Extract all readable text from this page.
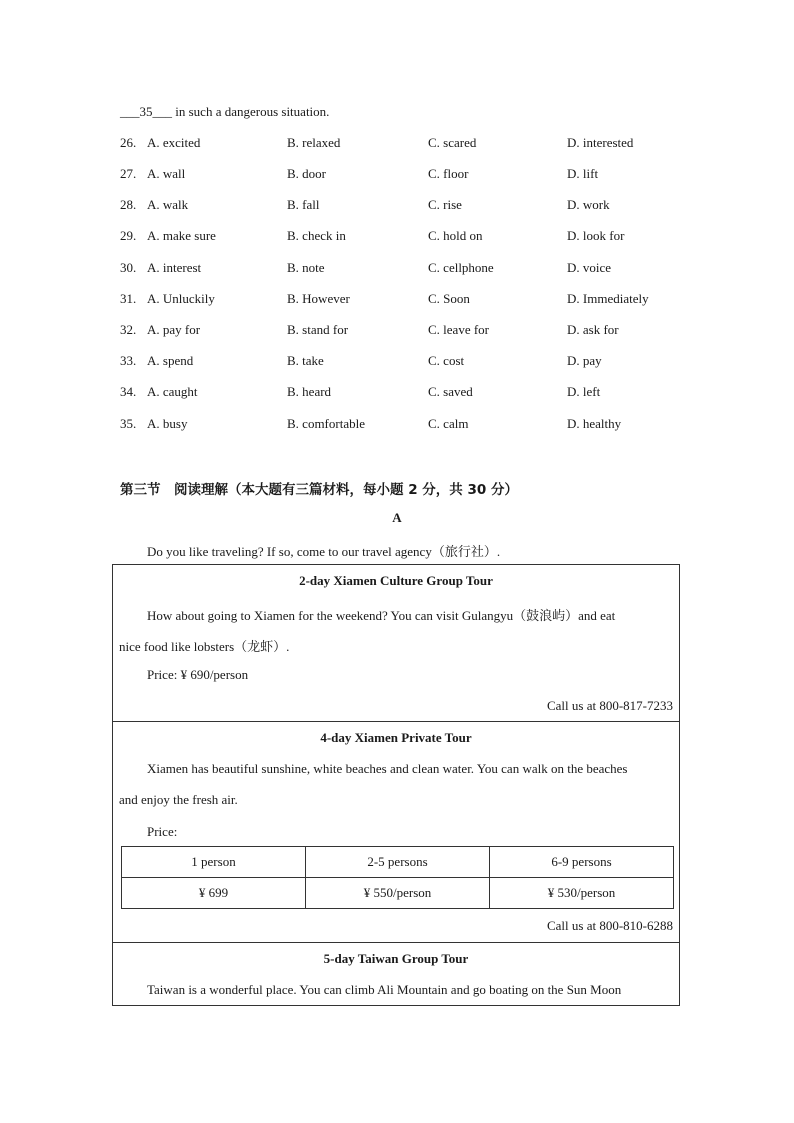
___35___ in such a dangerous situation.
26. A. excited	B. relaxed	C. scared	D. interested
27. A. wall	B. door	C. floor	D. lift
28. A. walk	B. fall	C. rise	D. work
29. A. make sure	B. check in	C. hold on	D. look for
30. A. interest	B. note	C. cellphone	D. voice
31. A. Unluckily	B. However	C. Soon	D. Immediately
32. A. pay for	B. stand for	C. leave for	D. ask for
33. A. spend	B. take	C. cost	D. pay
34. A. caught	B. heard	C. saved	D. left
35. A. busy	B. comfortable	C. calm	D. healthy
第三节　阅读理解（本大题有三篇材料，每小题 2 分，共 30 分）
A
Do you like traveling? If so, come to our travel agency（旅行社）.
2-day Xiamen Culture Group Tour
How about going to Xiamen for the weekend? You can visit Gulangyu（鼓浪屿）and eat
nice food like lobsters（龙虾）.
Price: ¥ 690/person
Call us at 800-817-7233
4-day Xiamen Private Tour
Xiamen has beautiful sunshine, white beaches and clean water. You can walk on the beaches
and enjoy the fresh air.
Price:
1 person	2-5 persons	6-9 persons
¥ 699	¥ 550/person	¥ 530/person
Call us at 800-810-6288
5-day Taiwan Group Tour
Taiwan is a wonderful place. You can climb Ali Mountain and go boating on the Sun Moon
